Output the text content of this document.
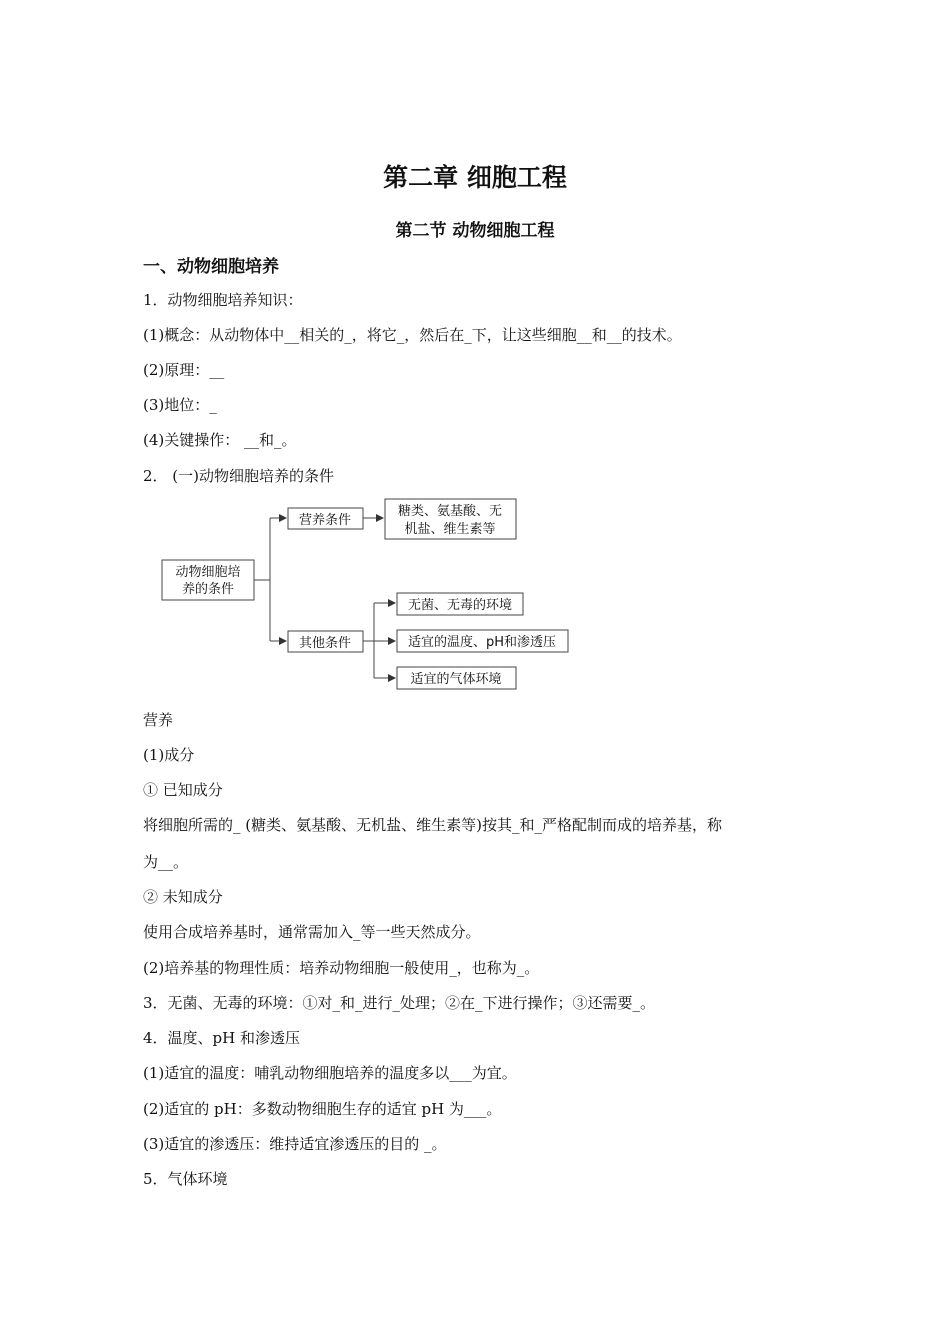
第二章 细胞工程
第二节 动物细胞工程
一、动物细胞培养
1．动物细胞培养知识：
(1)概念：从动物体中__相关的_，将它_，然后在_下，让这些细胞__和__的技术。
(2)原理：__
(3)地位：_
(4)关键操作： __和_。
2． (一)动物细胞培养的条件
动物细胞培
养的条件
营养条件
糖类、氨基酸、无
机盐、维生素等
其他条件
无菌、无毒的环境
适宜的温度、pH和渗透压
适宜的气体环境
营养
(1)成分
① 已知成分
将细胞所需的_ (糖类、氨基酸、无机盐、维生素等)按其_和_严格配制而成的培养基，称
为__。
② 未知成分
使用合成培养基时，通常需加入_等一些天然成分。
(2)培养基的物理性质：培养动物细胞一般使用_，也称为_。
3．无菌、无毒的环境：①对_和_进行_处理；②在_下进行操作；③还需要_。
4．温度、pH 和渗透压
(1)适宜的温度：哺乳动物细胞培养的温度多以___为宜。
(2)适宜的 pH：多数动物细胞生存的适宜 pH 为___。
(3)适宜的渗透压：维持适宜渗透压的目的 _。
5．气体环境
